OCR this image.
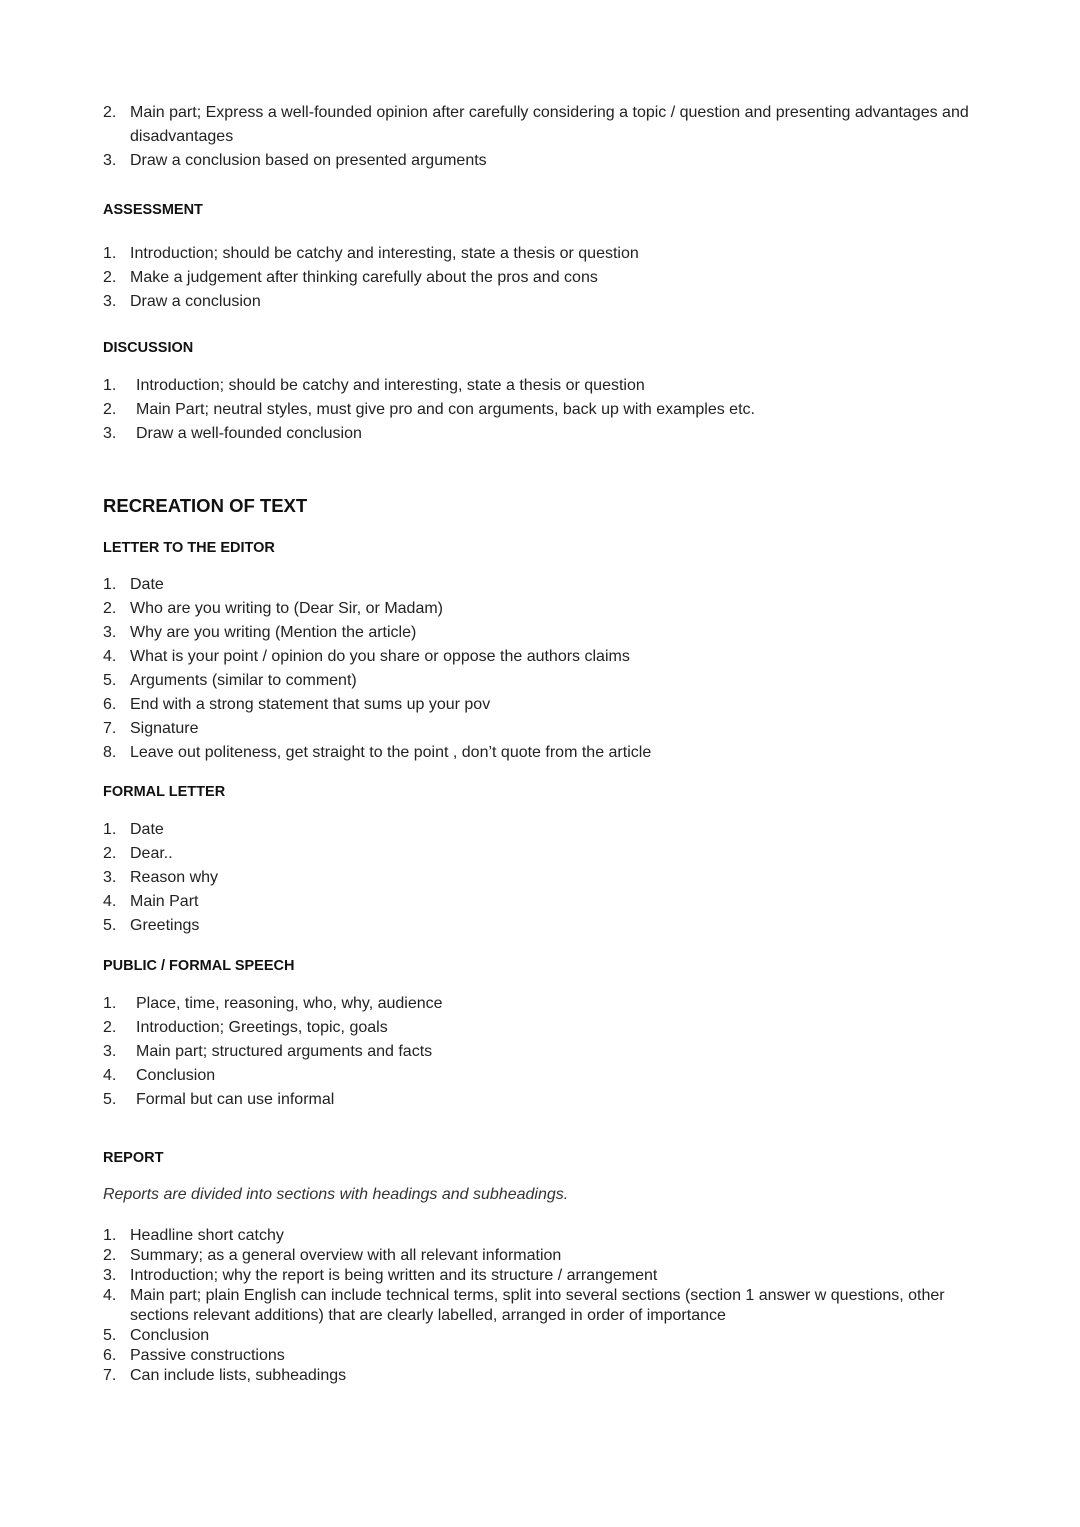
2. Main part; Express a well-founded opinion after carefully considering a topic / question and presenting advantages and disadvantages
3. Draw a conclusion based on presented arguments
ASSESSMENT
1. Introduction; should be catchy and interesting, state a thesis or question
2. Make a judgement after thinking carefully about the pros and cons
3. Draw a conclusion
DISCUSSION
1.	Introduction; should be catchy and interesting, state a thesis or question
2.	Main Part; neutral styles, must give pro and con arguments, back up with examples etc.
3.	Draw a well-founded conclusion
RECREATION OF TEXT
LETTER TO THE EDITOR
1. Date
2. Who are you writing to (Dear Sir, or Madam)
3. Why are you writing (Mention the article)
4. What is your point / opinion do you share or oppose the authors claims
5. Arguments (similar to comment)
6. End with a strong statement that sums up your pov
7. Signature
8. Leave out politeness, get straight to the point , don’t quote from the article
FORMAL LETTER
1. Date
2. Dear..
3. Reason why
4. Main Part
5. Greetings
PUBLIC / FORMAL SPEECH
1.	Place, time, reasoning, who, why, audience
2.	Introduction; Greetings, topic, goals
3.	Main part; structured arguments and facts
4.	Conclusion
5.	Formal but can use informal
REPORT

Reports are divided into sections with headings and subheadings.

1. Headline short catchy
2. Summary; as a general overview with all relevant information
3. Introduction; why the report is being written and its structure / arrangement
4. Main part; plain English can include technical terms, split into several sections (section 1 answer w questions, other sections relevant additions) that are clearly labelled, arranged in order of importance
5. Conclusion
6. Passive constructions
7. Can include lists, subheadings
